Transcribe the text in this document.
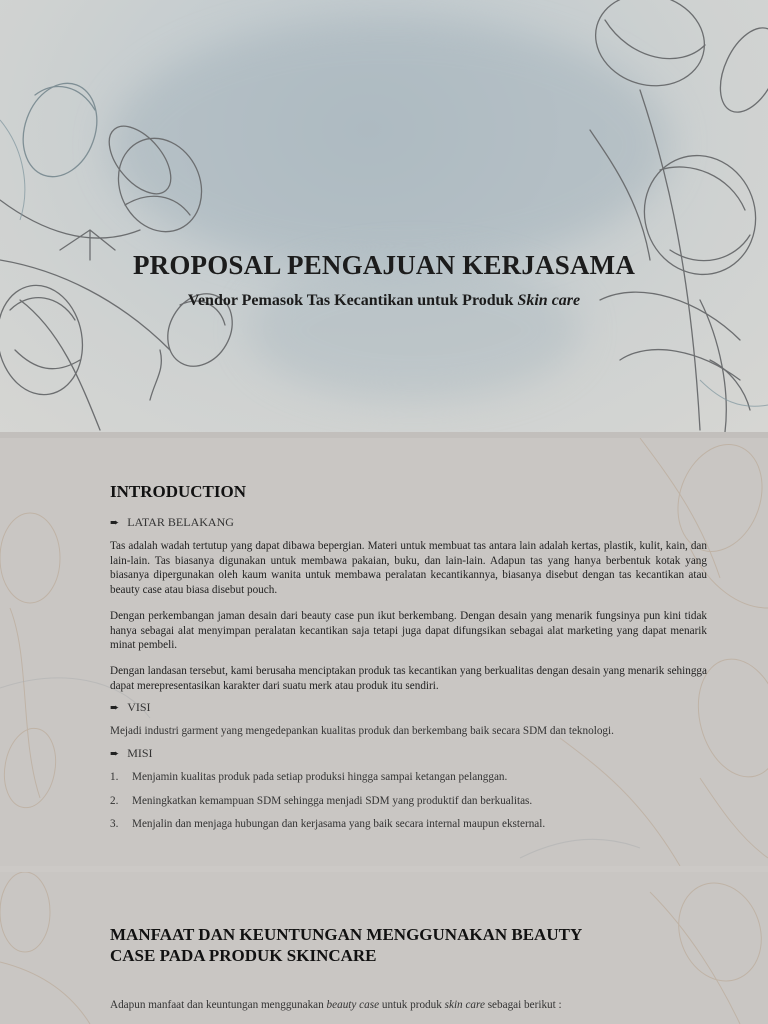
PROPOSAL PENGAJUAN KERJASAMA
Vendor Pemasok Tas Kecantikan untuk Produk Skin care
INTRODUCTION
➨ LATAR BELAKANG

Tas adalah wadah tertutup yang dapat dibawa bepergian. Materi untuk membuat tas antara lain adalah kertas, plastik, kulit, kain, dan lain-lain. Tas biasanya digunakan untuk membawa pakaian, buku, dan lain-lain. Adapun tas yang hanya berbentuk kotak yang biasanya dipergunakan oleh kaum wanita untuk membawa peralatan kecantikannya, biasanya disebut dengan tas kecantikan atau beauty case atau biasa disebut pouch.

Dengan perkembangan jaman desain dari beauty case pun ikut berkembang. Dengan desain yang menarik fungsinya pun kini tidak hanya sebagai alat menyimpan peralatan kecantikan saja tetapi juga dapat difungsikan sebagai alat marketing yang dapat menarik minat pembeli.

Dengan landasan tersebut, kami berusaha menciptakan produk tas kecantikan yang berkualitas dengan desain yang menarik sehingga dapat merepresentasikan karakter dari suatu merk atau produk itu sendiri.

➨ VISI
Mejadi industri garment yang mengedepankan kualitas produk dan berkembang baik secara SDM dan teknologi.
➨ MISI
1.	Menjamin kualitas produk pada setiap produksi hingga sampai ketangan pelanggan.
2.	Meningkatkan kemampuan SDM sehingga menjadi SDM yang produktif dan berkualitas.
3.	Menjalin dan menjaga hubungan dan kerjasama yang baik secara internal maupun eksternal.
MANFAAT DAN KEUNTUNGAN MENGGUNAKAN BEAUTY
CASE PADA PRODUK SKINCARE
Adapun manfaat dan keuntungan menggunakan beauty case untuk produk skin care sebagai berikut :
